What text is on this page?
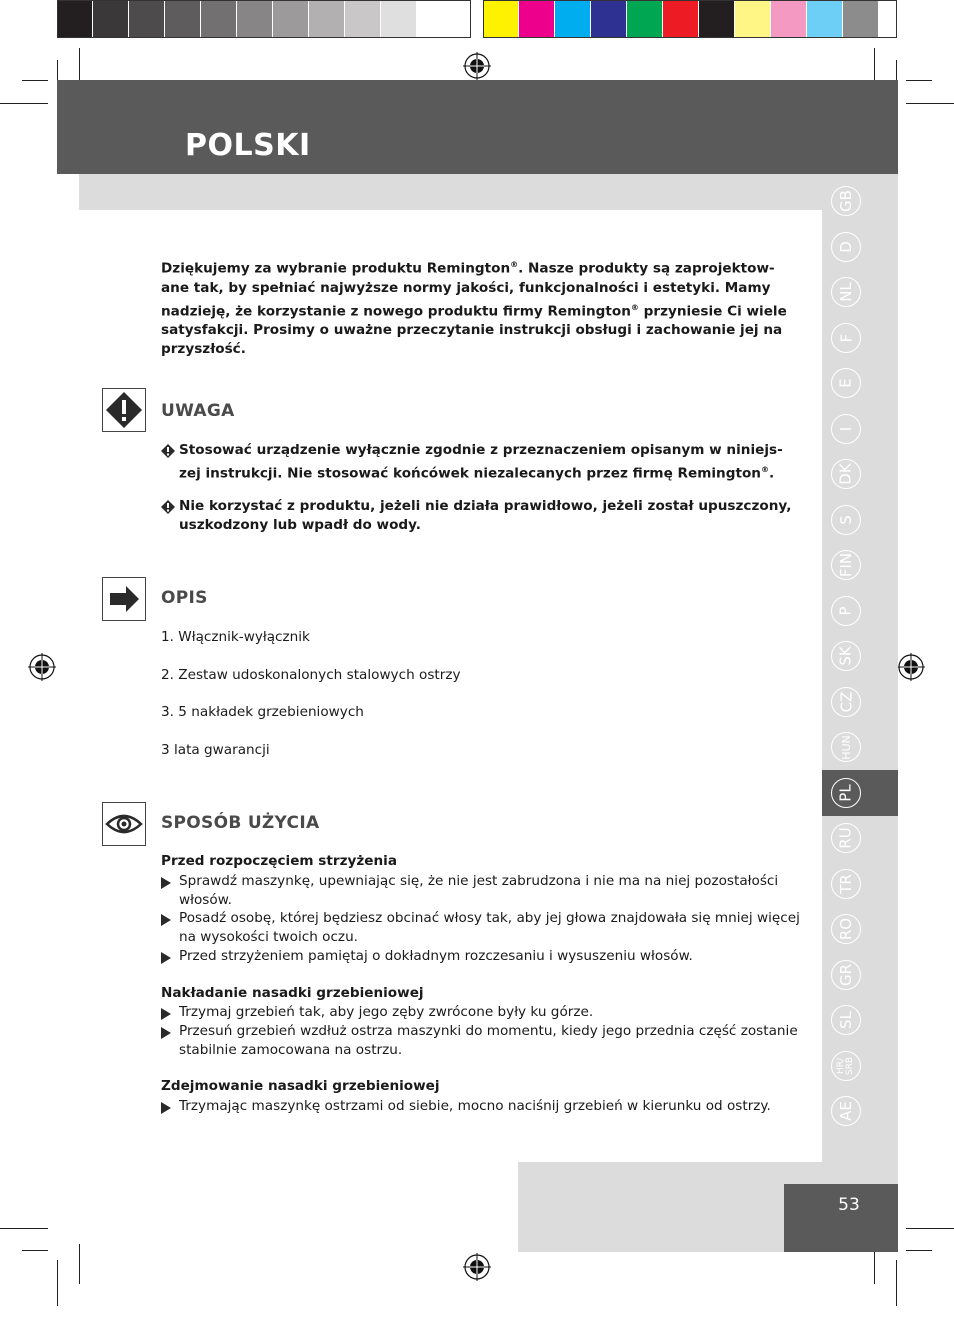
POLSKI
GB
D
NL
F
E
I
DK
S
FIN
P
SK
CZ
HUN
PL
RU
TR
RO
GR
SL
HR/
SRB
AE
Dziękujemy za wybranie produktu Remington®. Nasze produkty są zaprojektow-ane tak, by spełniać najwyższe normy jakości, funkcjonalności i estetyki. Mamy nadzieję, że korzystanie z nowego produktu firmy Remington® przyniesie Ci wiele satysfakcji. Prosimy o uważne przeczytanie instrukcji obsługi i zachowanie jej na przyszłość.
UWAGA
Stosować urządzenie wyłącznie zgodnie z przeznaczeniem opisanym w niniejs-zej instrukcji. Nie stosować końcówek niezalecanych przez firmę Remington®.
Nie korzystać z produktu, jeżeli nie działa prawidłowo, jeżeli został upuszczony, uszkodzony lub wpadł do wody.
OPIS
1. Włącznik-wyłącznik
2. Zestaw udoskonalonych stalowych ostrzy
3. 5 nakładek grzebieniowych
3 lata gwarancji
SPOSÓB UŻYCIA
Przed rozpoczęciem strzyżenia
Sprawdź maszynkę, upewniając się, że nie jest zabrudzona i nie ma na niej pozostałości włosów.
Posadź osobę, której będziesz obcinać włosy tak, aby jej głowa znajdowała się mniej więcej na wysokości twoich oczu.
Przed strzyżeniem pamiętaj o dokładnym rozczesaniu i wysuszeniu włosów.
Nakładanie nasadki grzebieniowej
Trzymaj grzebień tak, aby jego zęby zwrócone były ku górze.
Przesuń grzebień wzdłuż ostrza maszynki do momentu, kiedy jego przednia część zostanie stabilnie zamocowana na ostrzu.
Zdejmowanie nasadki grzebieniowej
Trzymając maszynkę ostrzami od siebie, mocno naciśnij grzebień w kierunku od ostrzy.
53
